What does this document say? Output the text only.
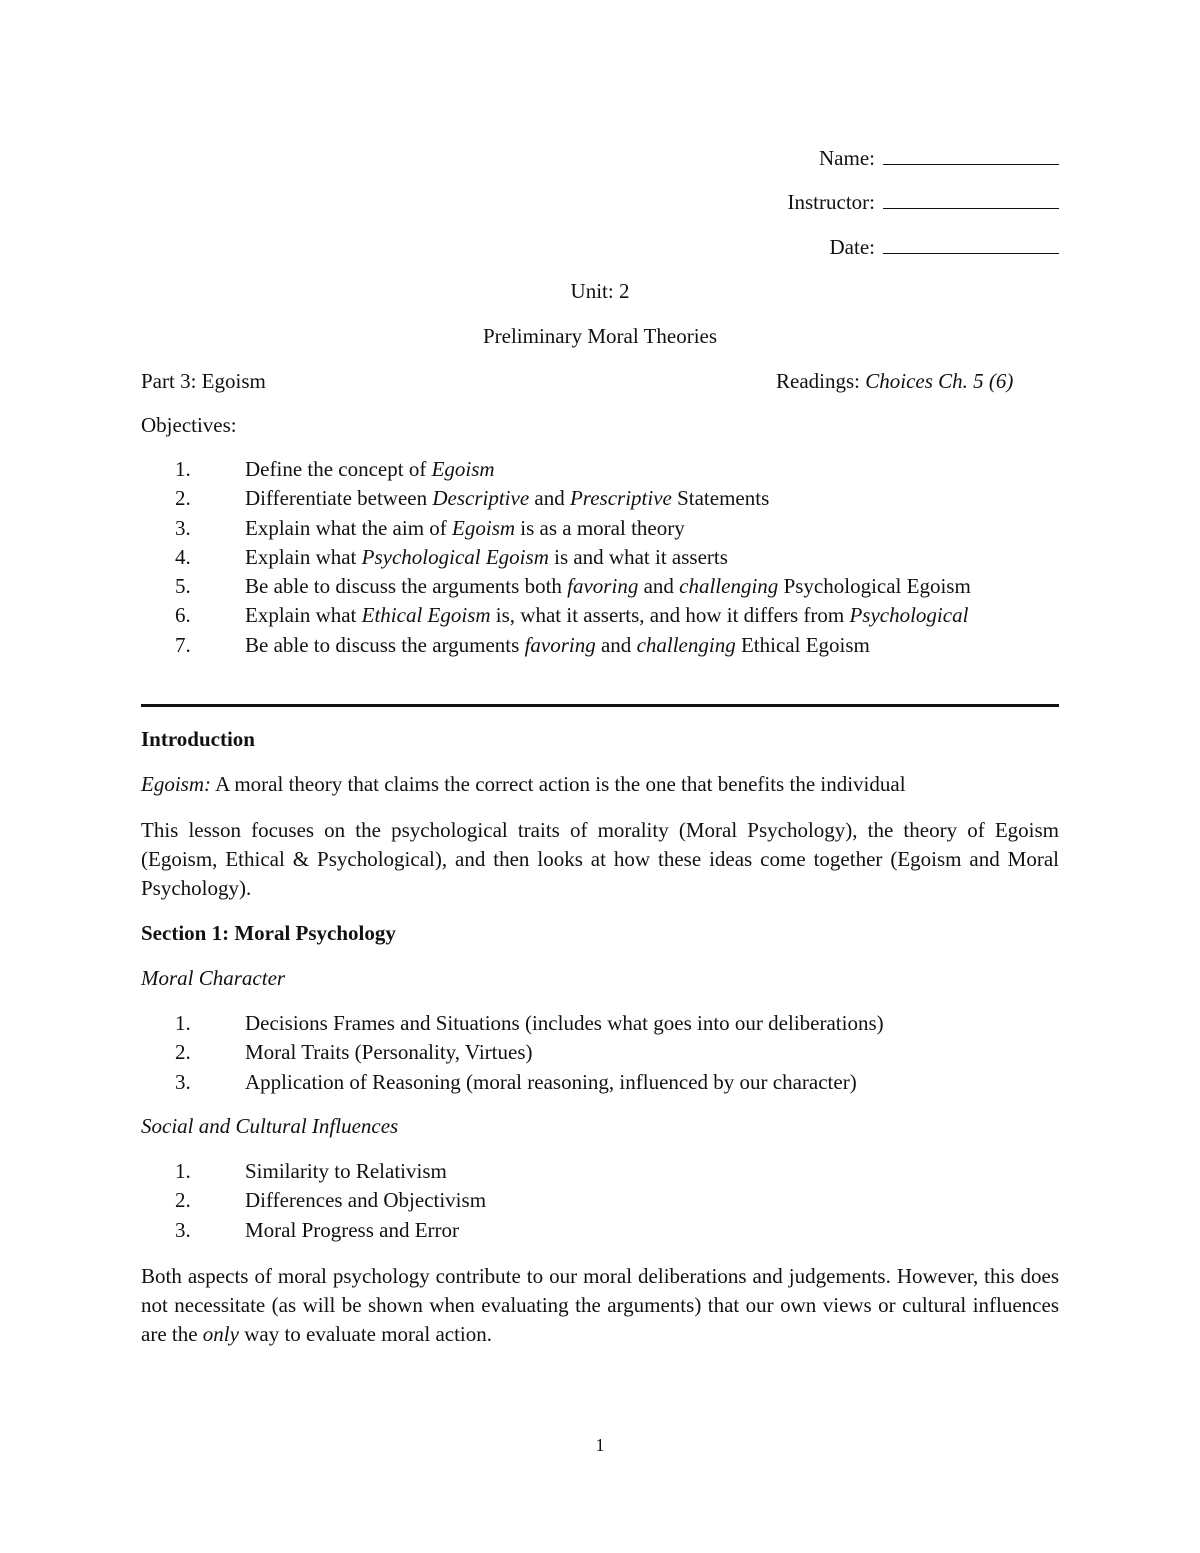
Name:
Instructor:
Date:
Unit: 2
Preliminary Moral Theories
Part 3: Egoism	Readings: Choices Ch. 5 (6)
Objectives:
1.	Define the concept of Egoism
2.	Differentiate between Descriptive and Prescriptive Statements
3.	Explain what the aim of Egoism is as a moral theory
4.	Explain what Psychological Egoism is and what it asserts
5.	Be able to discuss the arguments both favoring and challenging Psychological Egoism
6.	Explain what Ethical Egoism is, what it asserts, and how it differs from Psychological
7.	Be able to discuss the arguments favoring and challenging Ethical Egoism
Introduction
Egoism: A moral theory that claims the correct action is the one that benefits the individual
This lesson focuses on the psychological traits of morality (Moral Psychology), the theory of Egoism (Egoism, Ethical & Psychological), and then looks at how these ideas come together (Egoism and Moral Psychology).
Section 1: Moral Psychology
Moral Character
1.	Decisions Frames and Situations (includes what goes into our deliberations)
2.	Moral Traits (Personality, Virtues)
3.	Application of Reasoning (moral reasoning, influenced by our character)
Social and Cultural Influences
1.	Similarity to Relativism
2.	Differences and Objectivism
3.	Moral Progress and Error
Both aspects of moral psychology contribute to our moral deliberations and judgements. However, this does not necessitate (as will be shown when evaluating the arguments) that our own views or cultural influences are the only way to evaluate moral action.
1
